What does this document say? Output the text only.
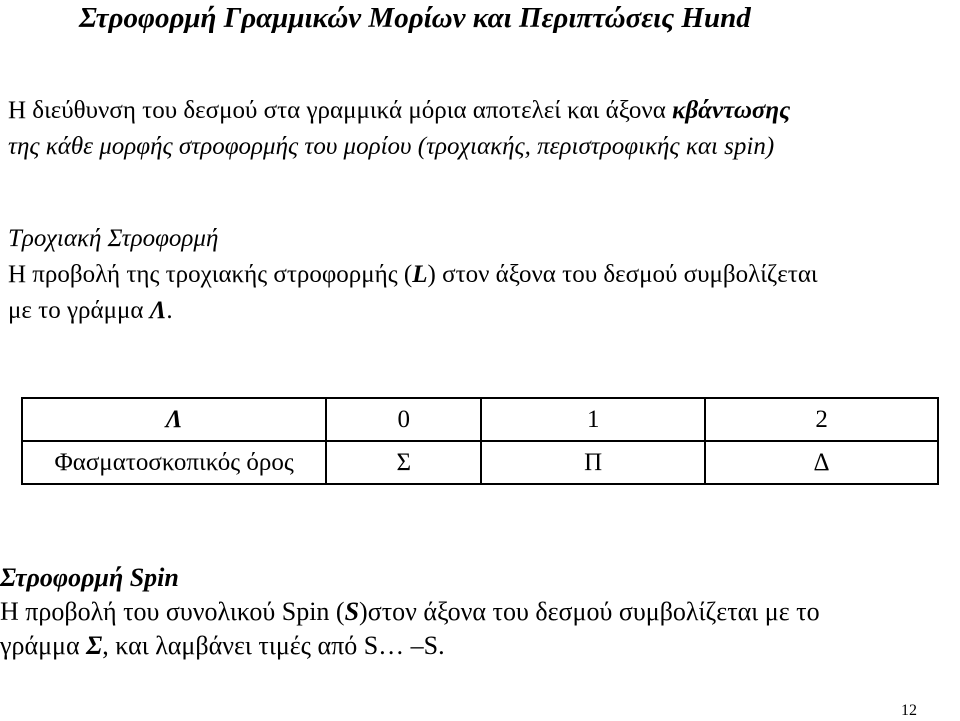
Στροφορμή Γραμμικών Μορίων και Περιπτώσεις Hund
Η διεύθυνση του δεσμού στα γραμμικά μόρια αποτελεί και άξονα κβάντωσης
της κάθε μορφής στροφορμής του μορίου (τροχιακής, περιστροφικής και spin)
Τροχιακή Στροφορμή
Η προβολή της τροχιακής στροφορμής (L) στον άξονα του δεσμού συμβολίζεται
με το γράμμα Λ.
Λ	0	1	2
Φασματοσκοπικός όρος	Σ	Π	Δ
Στροφορμή Spin
Η προβολή του συνολικού Spin (S)στον άξονα του δεσμού συμβολίζεται με το
γράμμα Σ, και λαμβάνει τιμές από S… –S.
12
